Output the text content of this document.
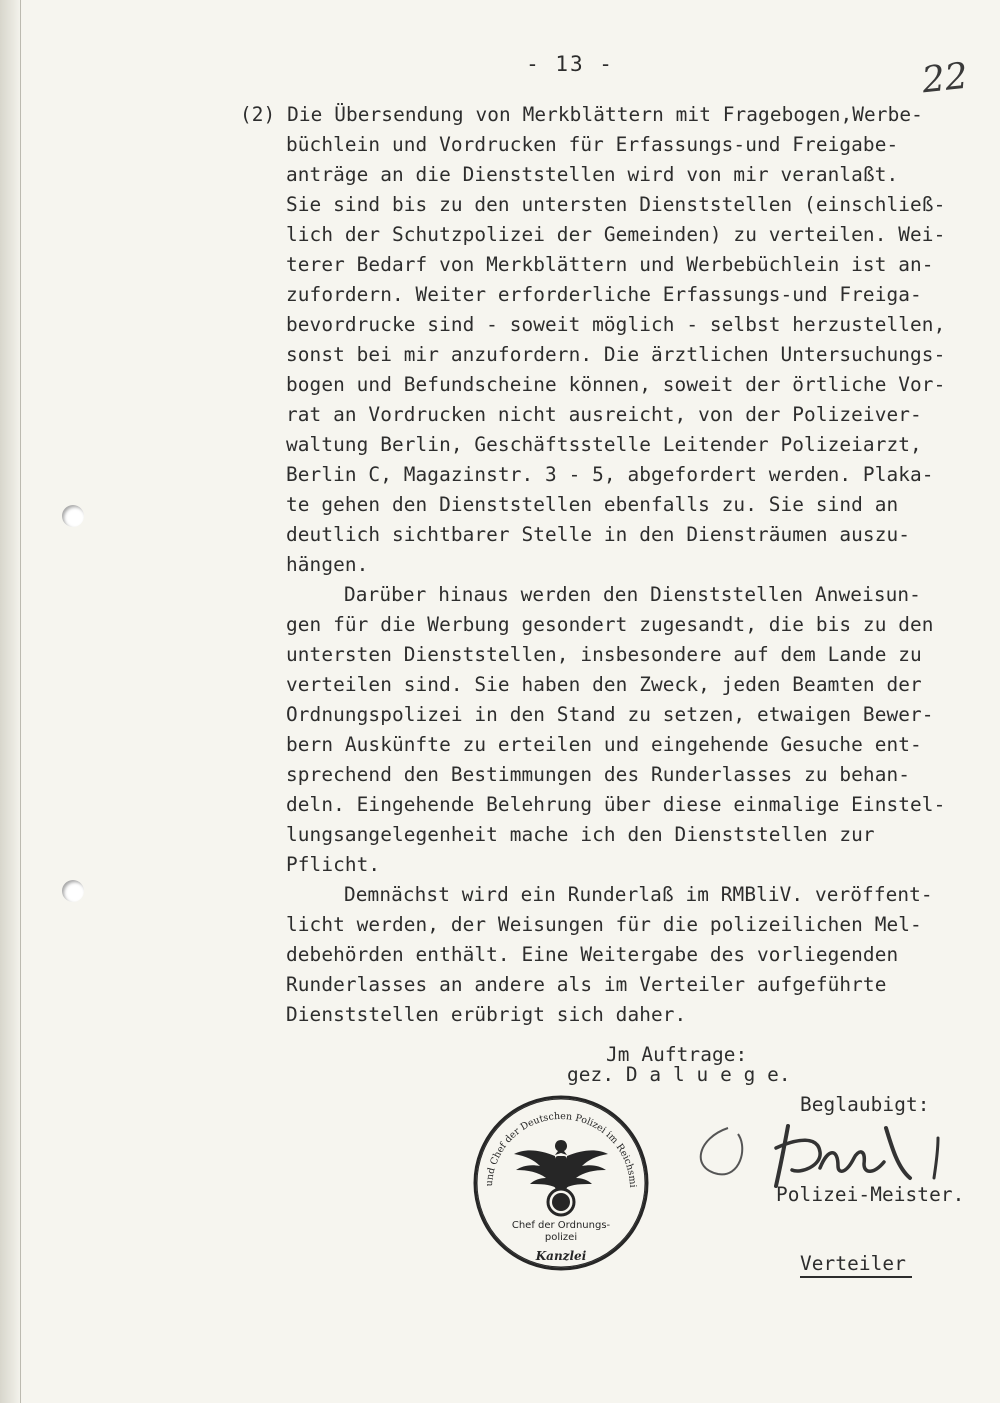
- 13 -	22
(2) Die Übersendung von Merkblättern mit Fragebogen,Werbe-
büchlein und Vordrucken für Erfassungs-und Freigabe-
anträge an die Dienststellen wird von mir veranlaßt.
Sie sind bis zu den untersten Dienststellen (einschließ-
lich der Schutzpolizei der Gemeinden) zu verteilen. Wei-
terer Bedarf von Merkblättern und Werbebüchlein ist an-
zufordern. Weiter erforderliche Erfassungs-und Freiga-
bevordrucke sind - soweit möglich - selbst herzustellen,
sonst bei mir anzufordern. Die ärztlichen Untersuchungs-
bogen und Befundscheine können, soweit der örtliche Vor-
rat an Vordrucken nicht ausreicht, von der Polizeiver-
waltung Berlin, Geschäftsstelle Leitender Polizeiarzt,
Berlin C, Magazinstr. 3 - 5, abgefordert werden. Plaka-
te gehen den Dienststellen ebenfalls zu. Sie sind an
deutlich sichtbarer Stelle in den Diensträumen auszu-
hängen.
Darüber hinaus werden den Dienststellen Anweisun-
gen für die Werbung gesondert zugesandt, die bis zu den
untersten Dienststellen, insbesondere auf dem Lande zu
verteilen sind. Sie haben den Zweck, jeden Beamten der
Ordnungspolizei in den Stand zu setzen, etwaigen Bewer-
bern Auskünfte zu erteilen und eingehende Gesuche ent-
sprechend den Bestimmungen des Runderlasses zu behan-
deln. Eingehende Belehrung über diese einmalige Einstel-
lungsangelegenheit mache ich den Dienststellen zur
Pflicht.
Demnächst wird ein Runderlaß im RMBliV. veröffent-
licht werden, der Weisungen für die polizeilichen Mel-
debehörden enthält. Eine Weitergabe des vorliegenden
Runderlasses an andere als im Verteiler aufgeführte
Dienststellen erübrigt sich daher.
Jm Auftrage:
gez. D a l u e g e.
Beglaubigt:
Polizei-Meister.
Verteiler
und Chef der Deutschen Polizei im Reichsmi
Chef der Ordnungs-
polizei
Kanzlei
